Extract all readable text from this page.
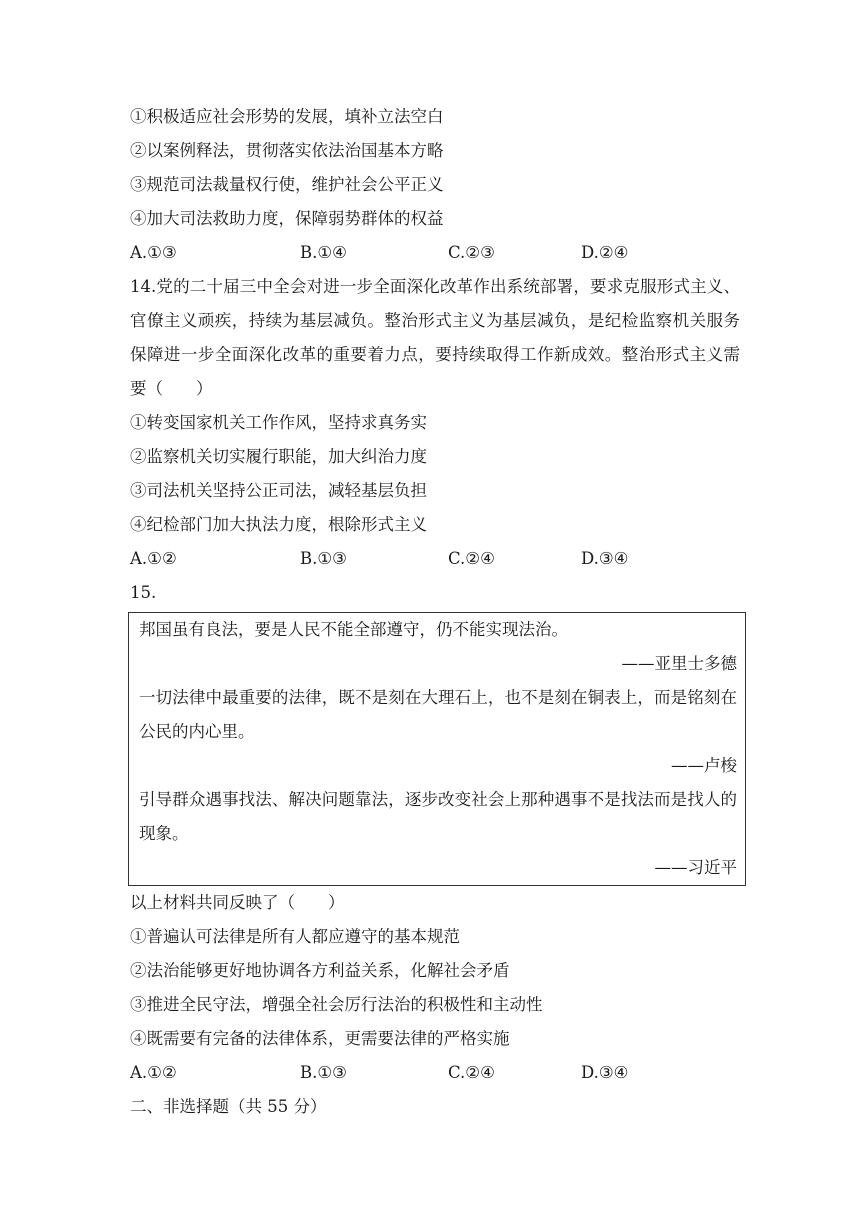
①积极适应社会形势的发展，填补立法空白
②以案例释法，贯彻落实依法治国基本方略
③规范司法裁量权行使，维护社会公平正义
④加大司法救助力度，保障弱势群体的权益
A.①③	B.①④	C.②③	D.②④
14.党的二十届三中全会对进一步全面深化改革作出系统部署，要求克服形式主义、官僚主义顽疾，持续为基层减负。整治形式主义为基层减负，是纪检监察机关服务保障进一步全面深化改革的重要着力点，要持续取得工作新成效。整治形式主义需要（　　）
①转变国家机关工作作风，坚持求真务实
②监察机关切实履行职能，加大纠治力度
③司法机关坚持公正司法，减轻基层负担
④纪检部门加大执法力度，根除形式主义
A.①②	B.①③	C.②④	D.③④
15.
邦国虽有良法，要是人民不能全部遵守，仍不能实现法治。
——亚里士多德
一切法律中最重要的法律，既不是刻在大理石上，也不是刻在铜表上，而是铭刻在公民的内心里。
——卢梭
引导群众遇事找法、解决问题靠法，逐步改变社会上那种遇事不是找法而是找人的现象。
——习近平
以上材料共同反映了（　　）
①普遍认可法律是所有人都应遵守的基本规范
②法治能够更好地协调各方利益关系，化解社会矛盾
③推进全民守法，增强全社会厉行法治的积极性和主动性
④既需要有完备的法律体系，更需要法律的严格实施
A.①②	B.①③	C.②④	D.③④
二、非选择题（共 55 分）
